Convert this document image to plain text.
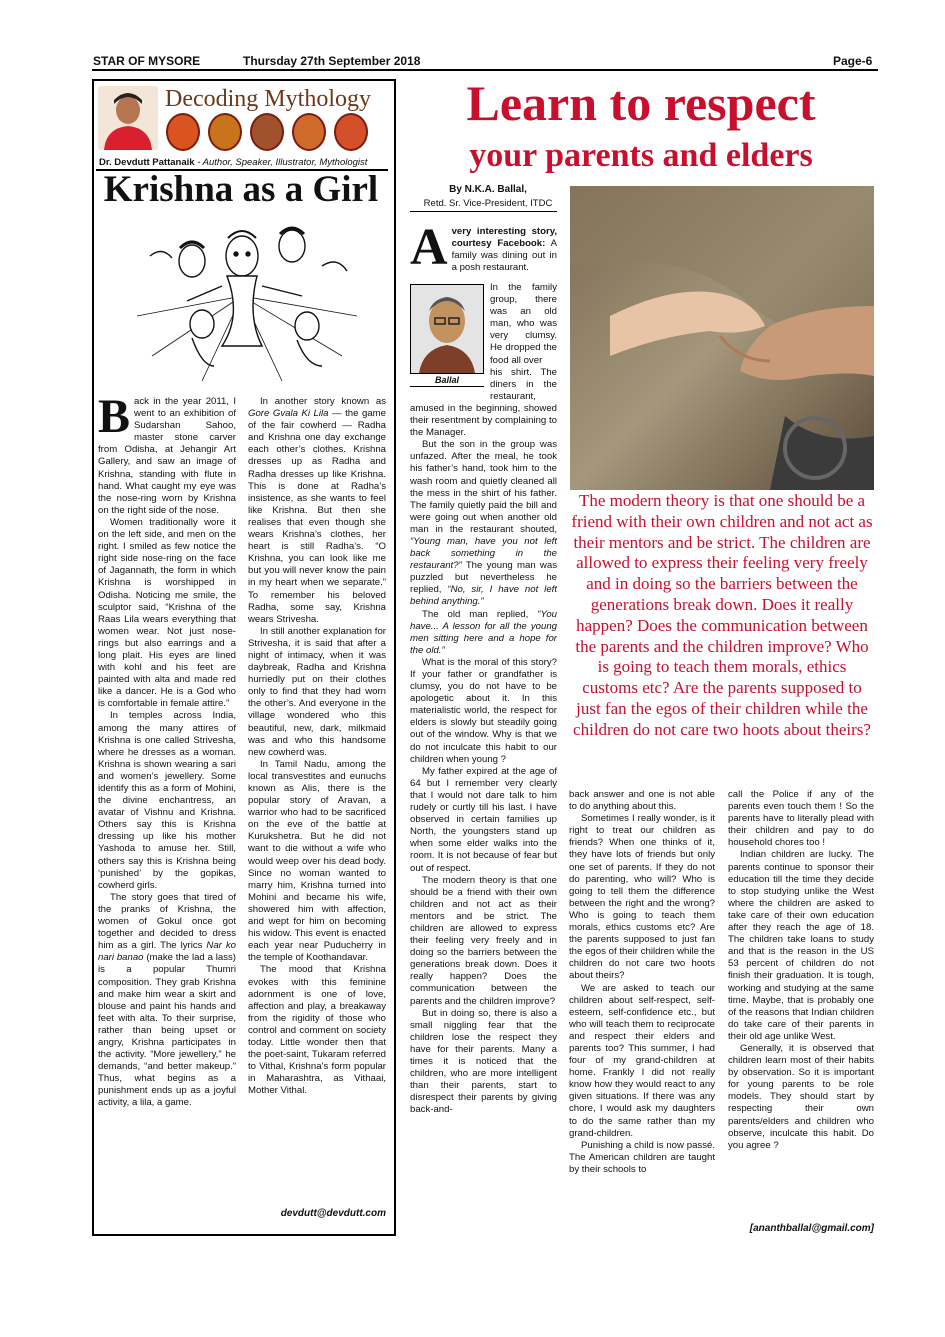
STAR OF MYSORE	Thursday 27th September 2018	Page-6
Decoding Mythology
Dr. Devdutt Pattanaik - Author, Speaker, Illustrator, Mythologist
Krishna as a Girl

Back in the year 2011, I went to an exhibition of Sudarshan Sahoo, master stone carver from Odisha, at Jehangir Art Gallery, and saw an image of Krishna, standing with flute in hand. What caught my eye was the nose-ring worn by Krishna on the right side of the nose.

Women traditionally wore it on the left side, and men on the right. I smiled as few notice the right side nose-ring on the face of Jagannath, the form in which Krishna is worshipped in Odisha. Noticing me smile, the sculptor said, “Krishna of the Raas Lila wears everything that women wear. Not just nose-rings but also earrings and a long plait. His eyes are lined with kohl and his feet are painted with alta and made red like a dancer. He is a God who is comfortable in female attire.”

In temples across India, among the many attires of Krishna is one called Strivesha, where he dresses as a woman. Krishna is shown wearing a sari and women’s jewellery. Some identify this as a form of Mohini, the divine enchantress, an avatar of Vishnu and Krishna. Others say this is Krishna dressing up like his mother Yashoda to amuse her. Still, others say this is Krishna being ‘punished’ by the gopikas, cowherd girls.

The story goes that tired of the pranks of Krishna, the women of Gokul once got together and decided to dress him as a girl. The lyrics Nar ko nari banao (make the lad a lass) is a popular Thumri composition. They grab Krishna and make him wear a skirt and blouse and paint his hands and feet with alta. To their surprise, rather than being upset or angry, Krishna participates in the activity. “More jewellery,” he demands, “and better makeup.” Thus, what begins as a punishment ends up as a joyful activity, a lila, a game.

In another story known as Gore Gvala Ki Lila — the game of the fair cowherd — Radha and Krishna one day exchange each other’s clothes. Krishna dresses up as Radha and Radha dresses up like Krishna. This is done at Radha’s insistence, as she wants to feel like Krishna. But then she realises that even though she wears Krishna’s clothes, her heart is still Radha’s. “O Krishna, you can look like me but you will never know the pain in my heart when we separate.” To remember his beloved Radha, some say, Krishna wears Strivesha.

In still another explanation for Strivesha, it is said that after a night of intimacy, when it was daybreak, Radha and Krishna hurriedly put on their clothes only to find that they had worn the other’s. And everyone in the village wondered who this beautiful, new, dark, milkmaid was and who this handsome new cowherd was.

In Tamil Nadu, among the local transvestites and eunuchs known as Alis, there is the popular story of Aravan, a warrior who had to be sacrificed on the eve of the battle at Kurukshetra. But he did not want to die without a wife who would weep over his dead body. Since no woman wanted to marry him, Krishna turned into Mohini and became his wife, showered him with affection, and wept for him on becoming his widow. This event is enacted each year near Puducherry in the temple of Koothandavar.

The mood that Krishna evokes with this feminine adornment is one of love, affection and play, a breakaway from the rigidity of those who control and comment on society today. Little wonder then that the poet-saint, Tukaram referred to Vithal, Krishna’s form popular in Maharashtra, as Vithaai, Mother Vithal.

devdutt@devdutt.com
Learn to respect
your parents and elders
By N.K.A. Ballal,
Retd. Sr. Vice-President, ITDC
The modern theory is that one should be a friend with their own children and not act as their mentors and be strict. The children are allowed to express their feeling very freely and in doing so the barriers between the generations break down. Does it really happen? Does the communication between the parents and the children improve? Who is going to teach them morals, ethics customs etc? Are the parents supposed to just fan the egos of their children while the children do not care two hoots about theirs?
Avery interesting story, courtesy Facebook: A family was dining out in a posh restaurant.
Ballal

In the family group, there was an old man, who was very clumsy. He dropped the food all over

his shirt. The diners in the restaurant, amused in the beginning, showed their resentment by complaining to the Manager.

But the son in the group was unfazed. After the meal, he took his father’s hand, took him to the wash room and quietly cleaned all the mess in the shirt of his father. The family quietly paid the bill and were going out when another old man in the restaurant shouted, “Young man, have you not left back something in the restaurant?” The young man was puzzled but nevertheless he replied, “No, sir, I have not left behind anything.”

The old man replied, “You have... A lesson for all the young men sitting here and a hope for the old.”

What is the moral of this story? If your father or grandfather is clumsy, you do not have to be apologetic about it. In this materialistic world, the respect for elders is slowly but steadily going out of the window. Why is that we do not inculcate this habit to our children when young ?

My father expired at the age of 64 but I remember very clearly that I would not dare talk to him rudely or curtly till his last. I have observed in certain families up North, the youngsters stand up when some elder walks into the room. It is not because of fear but out of respect.

The modern theory is that one should be a friend with their own children and not act as their mentors and be strict. The children are allowed to express their feeling very freely and in doing so the barriers between the generations break down. Does it really happen? Does the communication between the parents and the children improve?

But in doing so, there is also a small niggling fear that the children lose the respect they have for their parents. Many a times it is noticed that the children, who are more intelligent than their parents, start to disrespect their parents by giving back-and-

back answer and one is not able to do anything about this.

Sometimes I really wonder, is it right to treat our children as friends? When one thinks of it, they have lots of friends but only one set of parents. If they do not do parenting, who will? Who is going to tell them the difference between the right and the wrong? Who is going to teach them morals, ethics customs etc? Are the parents supposed to just fan the egos of their children while the children do not care two hoots about theirs?

We are asked to teach our children about self-respect, self-esteem, self-confidence etc., but who will teach them to reciprocate and respect their elders and parents too? This summer, I had four of my grand-children at home. Frankly I did not really know how they would react to any given situations. If there was any chore, I would ask my daughters to do the same rather than my grand-children.

Punishing a child is now passé. The American children are taught by their schools to

call the Police if any of the parents even touch them ! So the parents have to literally plead with their children and pay to do household chores too !

Indian children are lucky. The parents continue to sponsor their education till the time they decide to stop studying unlike the West where the children are asked to take care of their own education after they reach the age of 18. The children take loans to study and that is the reason in the US 53 percent of children do not finish their graduation. It is tough, working and studying at the same time. Maybe, that is probably one of the reasons that Indian children do take care of their parents in their old age unlike West.

Generally, it is observed that children learn most of their habits by observation. So it is important for young parents to be role models. They should start by respecting their own parents/elders and children who observe, inculcate this habit. Do you agree ?

[ananthballal@gmail.com]
